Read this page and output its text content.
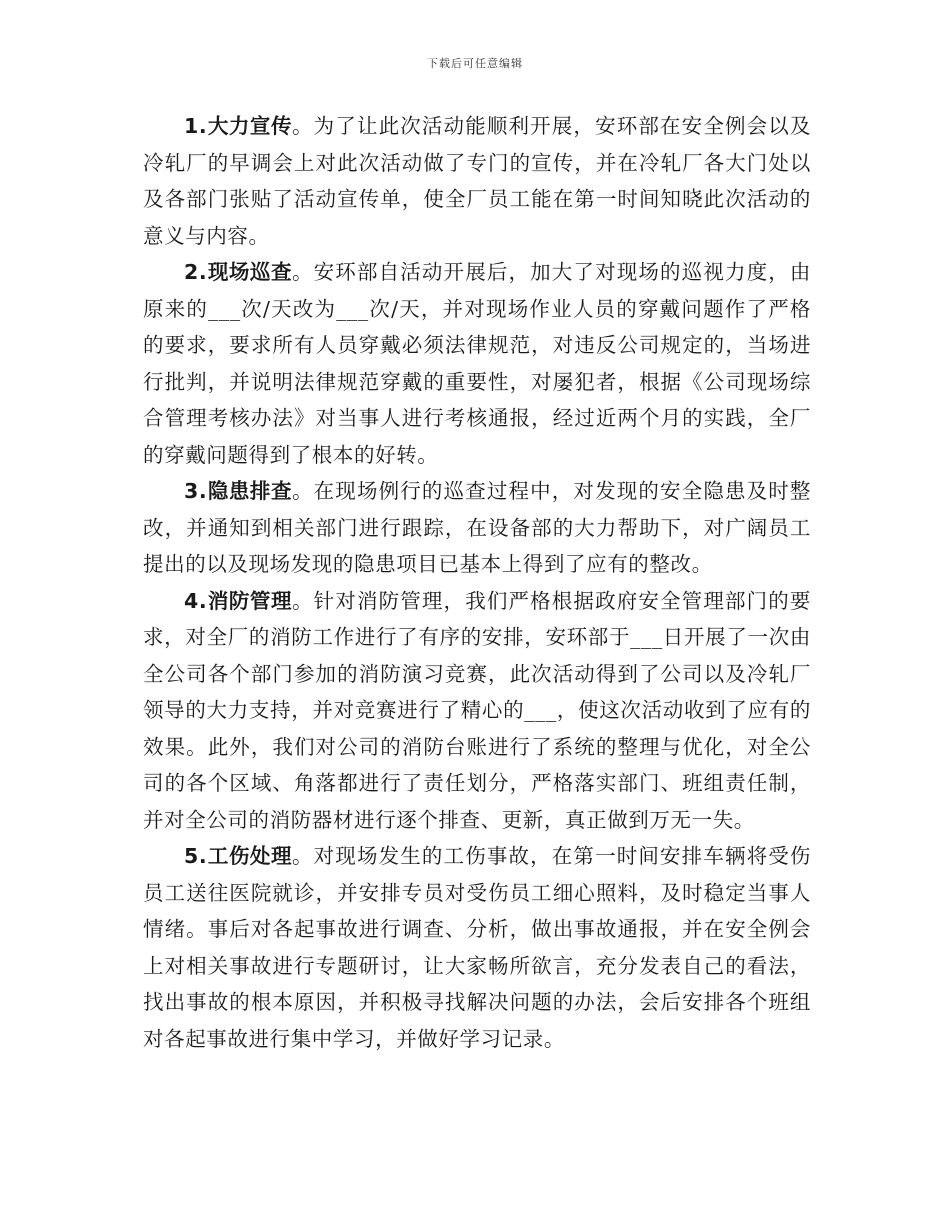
下载后可任意编辑

1.大力宣传。为了让此次活动能顺利开展，安环部在安全例会以及冷轧厂的早调会上对此次活动做了专门的宣传，并在冷轧厂各大门处以及各部门张贴了活动宣传单，使全厂员工能在第一时间知晓此次活动的意义与内容。

2.现场巡查。安环部自活动开展后，加大了对现场的巡视力度，由原来的___次/天改为___次/天，并对现场作业人员的穿戴问题作了严格的要求，要求所有人员穿戴必须法律规范，对违反公司规定的，当场进行批判，并说明法律规范穿戴的重要性，对屡犯者，根据《公司现场综合管理考核办法》对当事人进行考核通报，经过近两个月的实践，全厂的穿戴问题得到了根本的好转。

3.隐患排查。在现场例行的巡查过程中，对发现的安全隐患及时整改，并通知到相关部门进行跟踪，在设备部的大力帮助下，对广阔员工提出的以及现场发现的隐患项目已基本上得到了应有的整改。

4.消防管理。针对消防管理，我们严格根据政府安全管理部门的要求，对全厂的消防工作进行了有序的安排，安环部于___日开展了一次由全公司各个部门参加的消防演习竞赛，此次活动得到了公司以及冷轧厂领导的大力支持，并对竞赛进行了精心的___，使这次活动收到了应有的效果。此外，我们对公司的消防台账进行了系统的整理与优化，对全公司的各个区域、角落都进行了责任划分，严格落实部门、班组责任制，并对全公司的消防器材进行逐个排查、更新，真正做到万无一失。

5.工伤处理。对现场发生的工伤事故，在第一时间安排车辆将受伤员工送往医院就诊，并安排专员对受伤员工细心照料，及时稳定当事人情绪。事后对各起事故进行调查、分析，做出事故通报，并在安全例会上对相关事故进行专题研讨，让大家畅所欲言，充分发表自己的看法，找出事故的根本原因，并积极寻找解决问题的办法，会后安排各个班组对各起事故进行集中学习，并做好学习记录。
